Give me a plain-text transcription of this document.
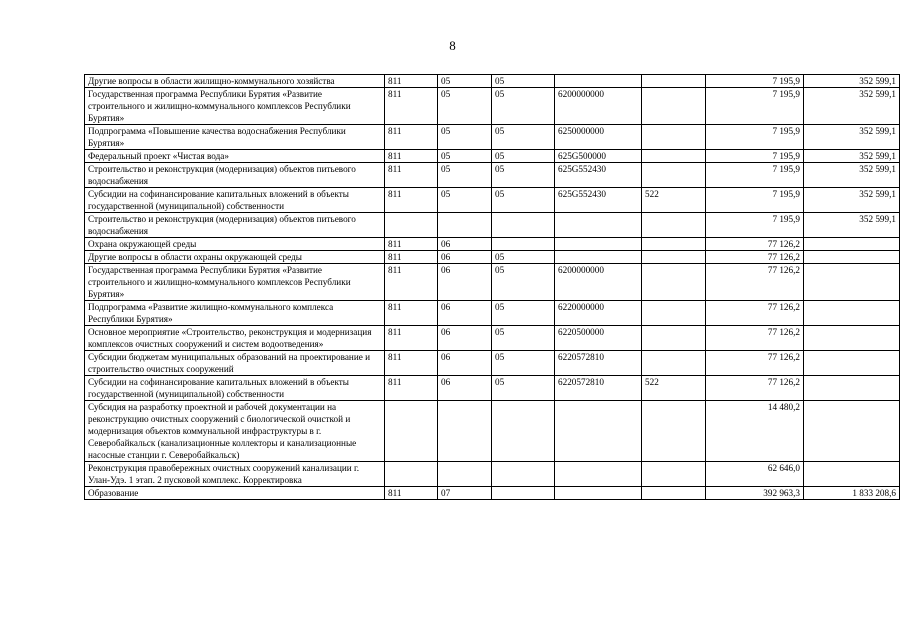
8
Другие вопросы в области жилищно-коммунального хозяйства	811	05	05			7 195,9	352 599,1
Государственная программа Республики Бурятия «Развитие строительного и жилищно-коммунального комплексов Республики Бурятия»	811	05	05	6200000000		7 195,9	352 599,1
Подпрограмма «Повышение качества водоснабжения Республики Бурятия»	811	05	05	6250000000		7 195,9	352 599,1
Федеральный проект «Чистая вода»	811	05	05	625G500000		7 195,9	352 599,1
Строительство и реконструкция (модернизация) объектов питьевого водоснабжения	811	05	05	625G552430		7 195,9	352 599,1
Субсидии на софинансирование капитальных вложений в объекты государственной (муниципальной) собственности	811	05	05	625G552430	522	7 195,9	352 599,1
Строительство и реконструкция (модернизация) объектов питьевого водоснабжения						7 195,9	352 599,1
Охрана окружающей среды	811	06				77 126,2	
Другие вопросы в области охраны окружающей среды	811	06	05			77 126,2	
Государственная программа Республики Бурятия «Развитие строительного и жилищно-коммунального комплексов Республики Бурятия»	811	06	05	6200000000		77 126,2	
Подпрограмма «Развитие жилищно-коммунального комплекса Республики Бурятия»	811	06	05	6220000000		77 126,2	
Основное мероприятие «Строительство, реконструкция и модернизация комплексов очистных сооружений и систем водоотведения»	811	06	05	6220500000		77 126,2	
Субсидии бюджетам муниципальных образований на проектирование и строительство очистных сооружений	811	06	05	6220572810		77 126,2	
Субсидии на софинансирование капитальных вложений в объекты государственной (муниципальной) собственности	811	06	05	6220572810	522	77 126,2	
Субсидия на разработку проектной и рабочей документации на реконструкцию очистных сооружений с биологической очисткой и модернизация объектов коммунальной инфраструктуры в г. Северобайкальск (канализационные коллекторы и канализационные насосные станции г. Северобайкальск)						14 480,2	
Реконструкция правобережных очистных сооружений канализации г. Улан-Удэ. 1 этап. 2 пусковой комплекс. Корректировка						62 646,0	
Образование	811	07				392 963,3	1 833 208,6
